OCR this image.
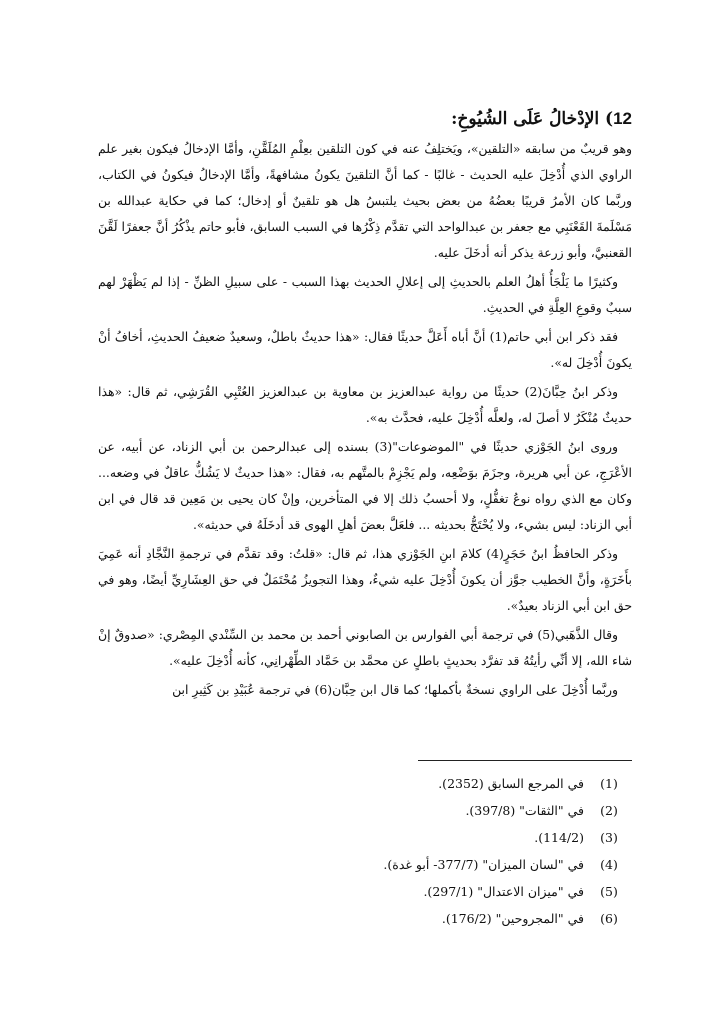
12) الإدْخالُ عَلَى الشُيُوخِ:

وهو قريبٌ من سابقه «التلقين»، ويَختلِفُ عنه في كون التلقين بعِلْمِ المُلَقَّنِ، وأمَّا الإدخالُ فيكون بغير علم الراوي الذي أُدْخِلَ عليه الحديث - غالبًا - كما أنَّ التلقينَ يكونُ مشافهةً، وأمَّا الإدخالُ فيكونُ في الكتاب، وربَّما كان الأمرُ قريبًا بعضُهُ من بعض بحيث يلتبسُ هل هو تلقينٌ أو إدخال؛ كما في حكاية عبدالله بن مَسْلَمةَ القَعْنَبِي مع جعفر بن عبدالواحد التي تقدَّم ذِكْرُها في السبب السابق، فأبو حاتم يذْكُرُ أنَّ جعفرًا لَقَّنَ القعنبيَّ، وأبو زرعة يذكر أنه أدخَلَ عليه.

وكثيرًا ما يَلْجَأُ أهلُ العلم بالحديثِ إلى إعلالِ الحديث بهذا السبب - على سبيلِ الظنِّ - إذا لم يَظْهَرْ لهم سببٌ وقوعِ العِلَّةِ في الحديثِ.

فقد ذكر ابن أبي حاتم(1) أنَّ أباه أَعَلَّ حديثًا فقال: «هذا حديثٌ باطلٌ، وسعيدٌ ضعيفُ الحديثِ، أخافُ أنْ يكونَ أُدْخِلَ له».

وذكر ابنُ حِبَّانَ(2) حديثًا من رواية عبدالعزيز بن معاوية بن عبدالعزيز العُتْبِي القُرَشِي، ثم قال: «هذا حديثٌ مُنْكَرٌ لا أصلَ له، ولعلَّه أُدْخِلَ عليه، فحدَّث به».

وروى ابنُ الجَوْزي حديثًا في "الموضوعات"(3) بسنده إلى عبدالرحمن بن أبي الزناد، عن أبيه، عن الأعْرَجِ، عن أبي هريرة، وجزَمَ بوَضْعِه، ولم يَجْزِمْ بالمتَّهم به، فقال: «هذا حديثٌ لا يَشُكُّ عاقلٌ في وضعه... وكان مع الذي رواه نوعُ تغفُّلٍ، ولا أحسبُ ذلك إلا في المتأخرين، وإنْ كان يحيى بن مَعِين قد قال في ابن أبي الزناد: ليس بشيء، ولا يُحْتَجُّ بحديثه ... فلعَلَّ بعضَ أهلِ الهوى قد أدخَلَهُ في حديثه».

وذكر الحافظُ ابنُ حَجَرٍ(4) كلامَ ابنِ الجَوْزي هذا، ثم قال: «قلتُ: وقد تقدَّم في ترجمةِ النَّجَّادِ أنه عَمِيَ بأَخَرَةٍ، وأنَّ الخطيب جوَّز أن يكونَ أُدْخِلَ عليه شيءٌ، وهذا التجويزُ مُحْتَمَلٌ في حق العِشَارِيِّ أيضًا، وهو في حق ابن أبي الزناد بعيدٌ».

وقال الذَّهَبي(5) في ترجمة أبي الفوارس بن الصابوني أحمد بن محمد بن السِّنْدي المِصْري: «صدوقٌ إنْ شاء الله، إلا أنِّي رأيتُهُ قد تفرَّد بحديثٍ باطلٍ عن محمَّد بن حَمَّاد الطِّهْرانِي، كأنه أُدْخِلَ عليه».

وربَّما أُدْخِلَ على الراوي نسخةٌ بأكملها؛ كما قال ابن حِبَّان(6) في ترجمة عُبَيْدِ بن كَثِيرِ ابن

(1)في المرجع السابق (2352).
(2)في "الثقات" (397/8).
(3)(114/2).
(4)في "لسان الميزان" (377/7- أبو غدة).
(5)في "ميزان الاعتدال" (297/1).
(6)في "المجروحين" (176/2).
